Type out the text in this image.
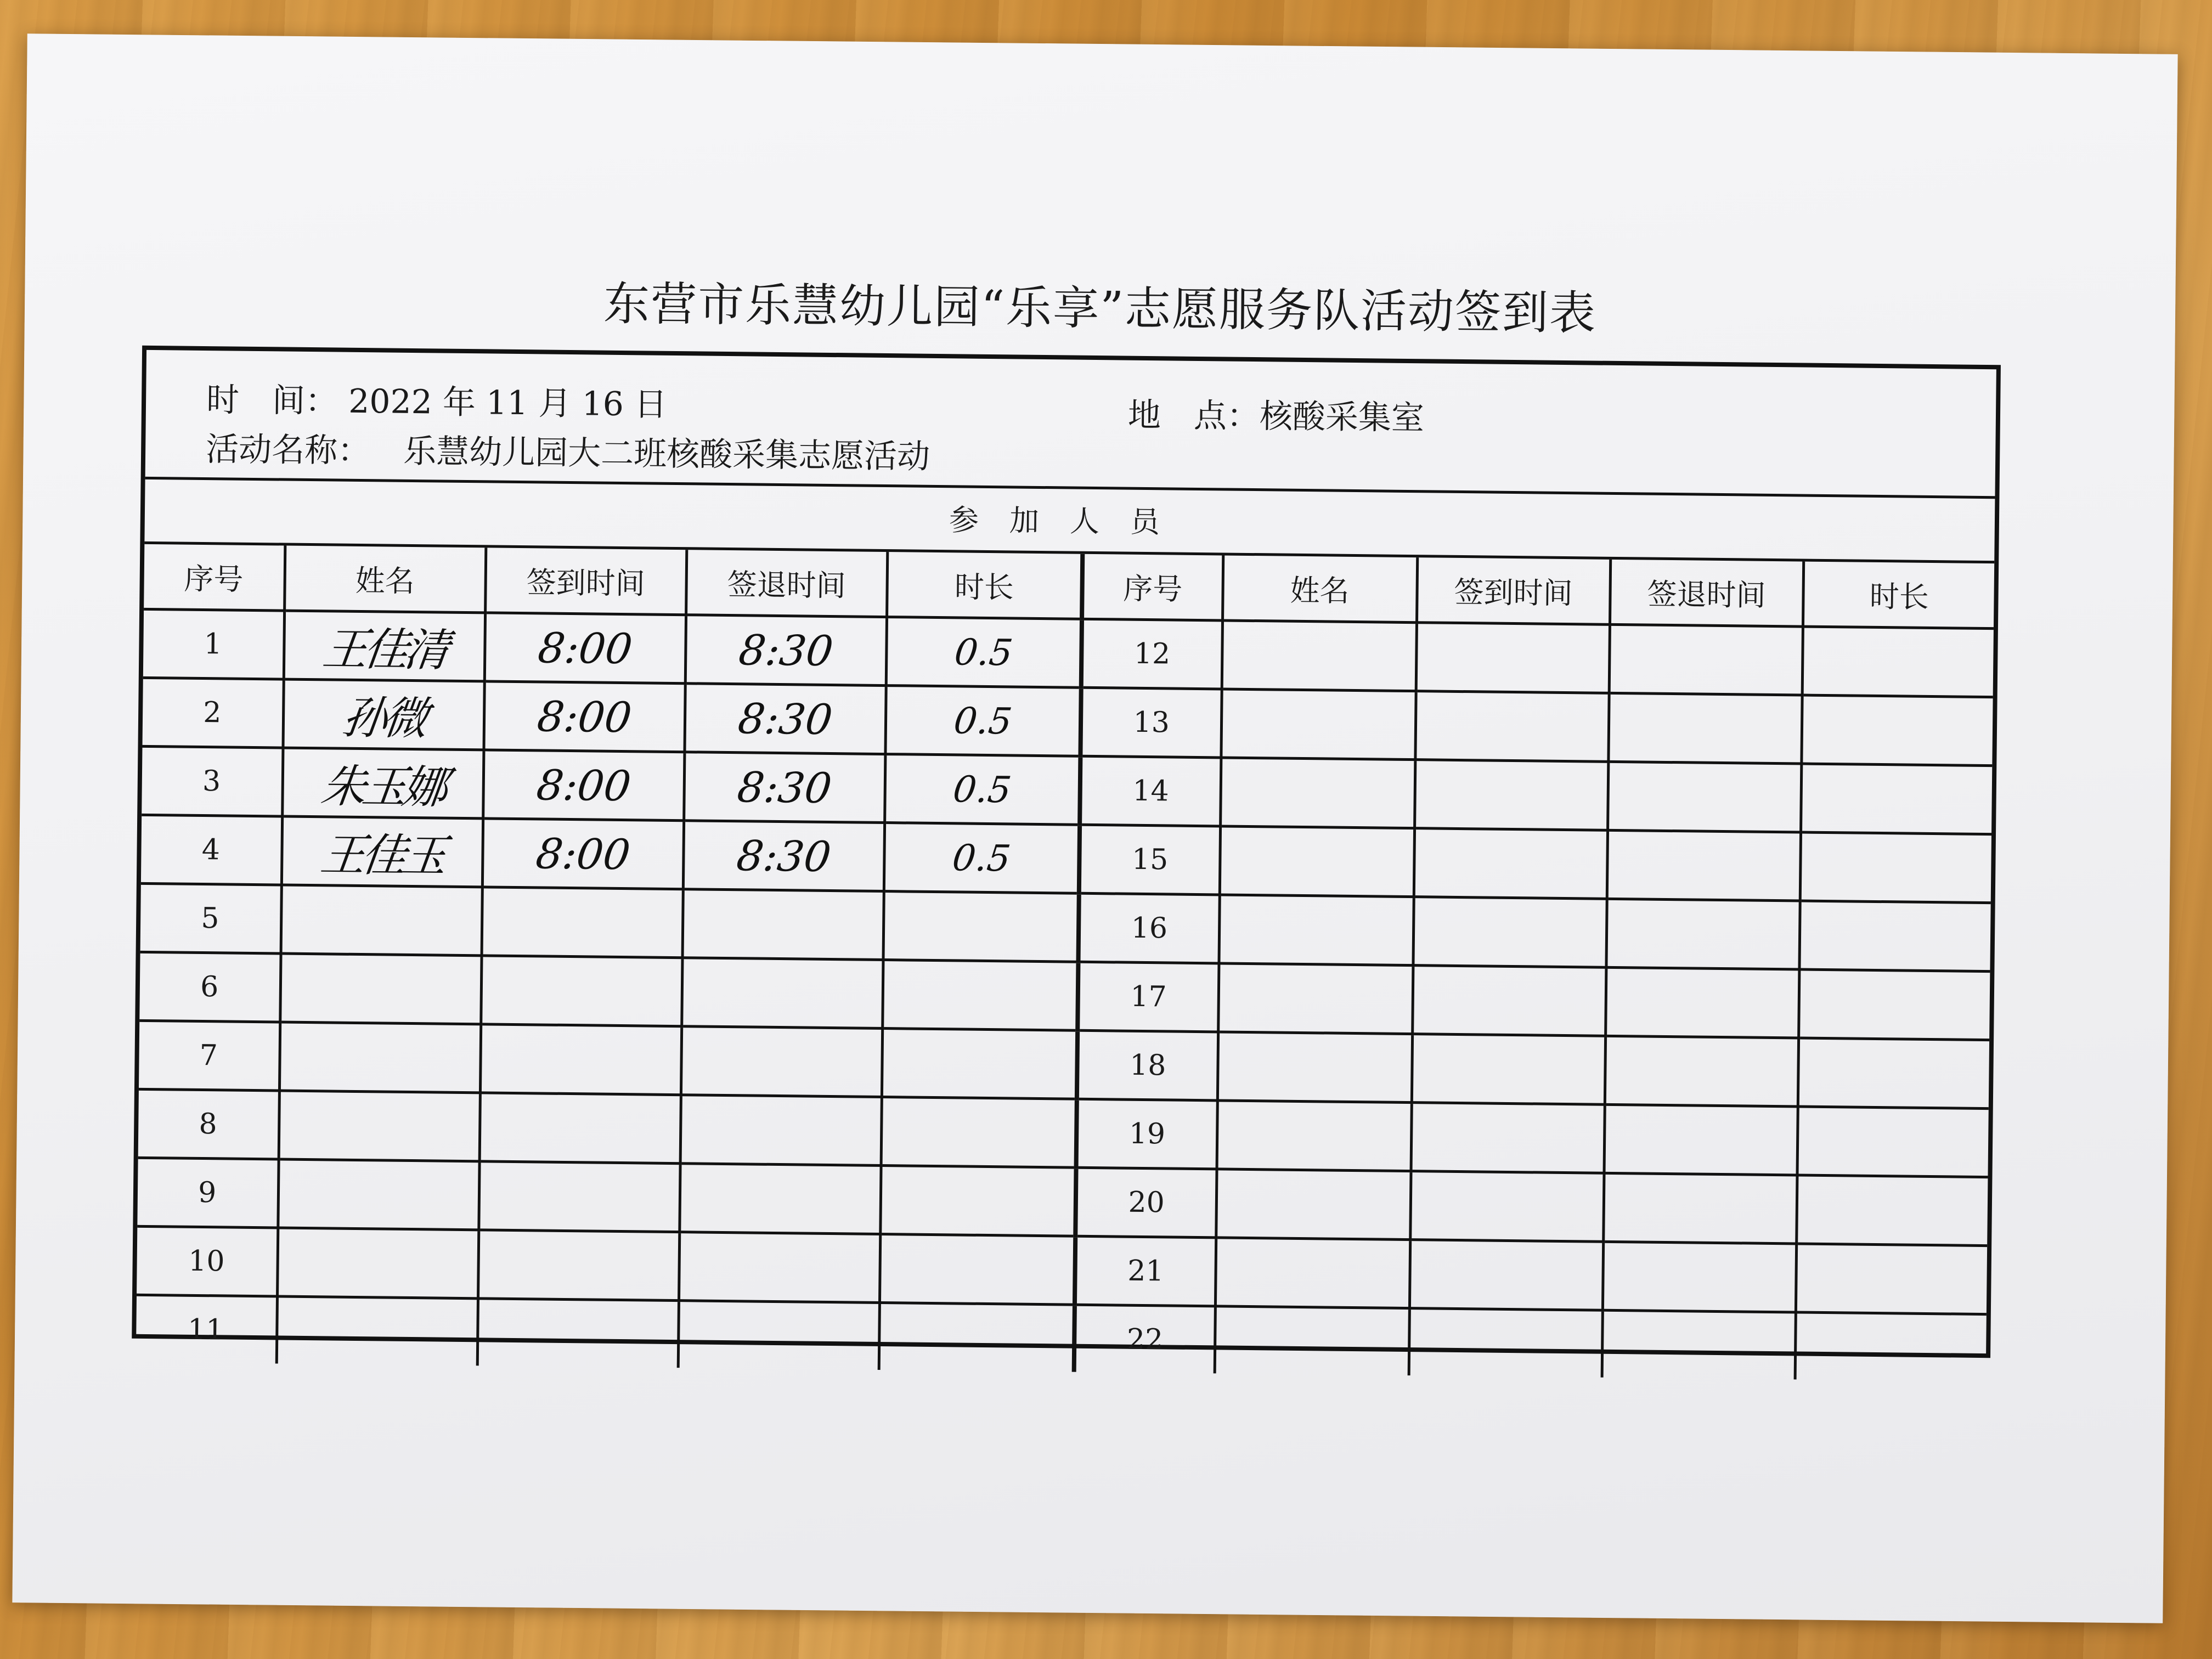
东营市乐慧幼儿园“乐享”志愿服务队活动签到表
时　间： 2022 年 11 月 16 日	地　点：核酸采集室
活动名称： 乐慧幼儿园大二班核酸采集志愿活动
参加人员
序号	姓名	签到时间	签退时间	时长	序号	姓名	签到时间	签退时间	时长
1	王佳清	8:00	8:30	0.5	12				
2	孙微	8:00	8:30	0.5	13				
3	朱玉娜	8:00	8:30	0.5	14				
4	王佳玉	8:00	8:30	0.5	15				
5					16				
6					17				
7					18				
8					19				
9					20				
10					21				
11					22				
